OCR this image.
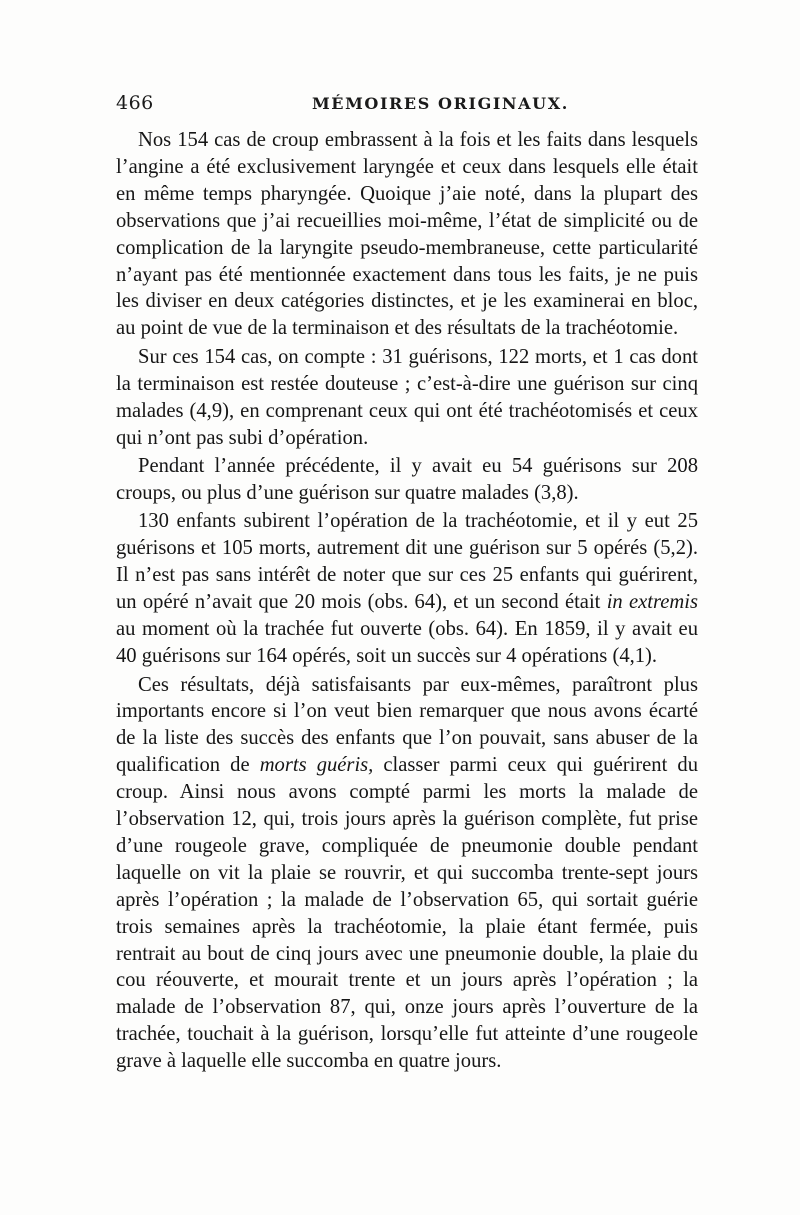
466	MÉMOIRES ORIGINAUX.

Nos 154 cas de croup embrassent à la fois et les faits dans lesquels l’angine a été exclusivement laryngée et ceux dans lesquels elle était en même temps pharyngée. Quoique j’aie noté, dans la plupart des observations que j’ai recueillies moi-même, l’état de simplicité ou de complication de la laryngite pseudo-membraneuse, cette particularité n’ayant pas été mentionnée exactement dans tous les faits, je ne puis les diviser en deux catégories distinctes, et je les examinerai en bloc, au point de vue de la terminaison et des résultats de la trachéotomie.

Sur ces 154 cas, on compte : 31 guérisons, 122 morts, et 1 cas dont la terminaison est restée douteuse ; c’est-à-dire une guérison sur cinq malades (4,9), en comprenant ceux qui ont été trachéotomisés et ceux qui n’ont pas subi d’opération.

Pendant l’année précédente, il y avait eu 54 guérisons sur 208 croups, ou plus d’une guérison sur quatre malades (3,8).

130 enfants subirent l’opération de la trachéotomie, et il y eut 25 guérisons et 105 morts, autrement dit une guérison sur 5 opérés (5,2). Il n’est pas sans intérêt de noter que sur ces 25 enfants qui guérirent, un opéré n’avait que 20 mois (obs. 64), et un second était in extremis au moment où la trachée fut ouverte (obs. 64). En 1859, il y avait eu 40 guérisons sur 164 opérés, soit un succès sur 4 opérations (4,1).

Ces résultats, déjà satisfaisants par eux-mêmes, paraîtront plus importants encore si l’on veut bien remarquer que nous avons écarté de la liste des succès des enfants que l’on pouvait, sans abuser de la qualification de morts guéris, classer parmi ceux qui guérirent du croup. Ainsi nous avons compté parmi les morts la malade de l’observation 12, qui, trois jours après la guérison complète, fut prise d’une rougeole grave, compliquée de pneumonie double pendant laquelle on vit la plaie se rouvrir, et qui succomba trente-sept jours après l’opération ; la malade de l’observation 65, qui sortait guérie trois semaines après la trachéotomie, la plaie étant fermée, puis rentrait au bout de cinq jours avec une pneumonie double, la plaie du cou réouverte, et mourait trente et un jours après l’opération ; la malade de l’observation 87, qui, onze jours après l’ouverture de la trachée, touchait à la guérison, lorsqu’elle fut atteinte d’une rougeole grave à laquelle elle succomba en quatre jours.
